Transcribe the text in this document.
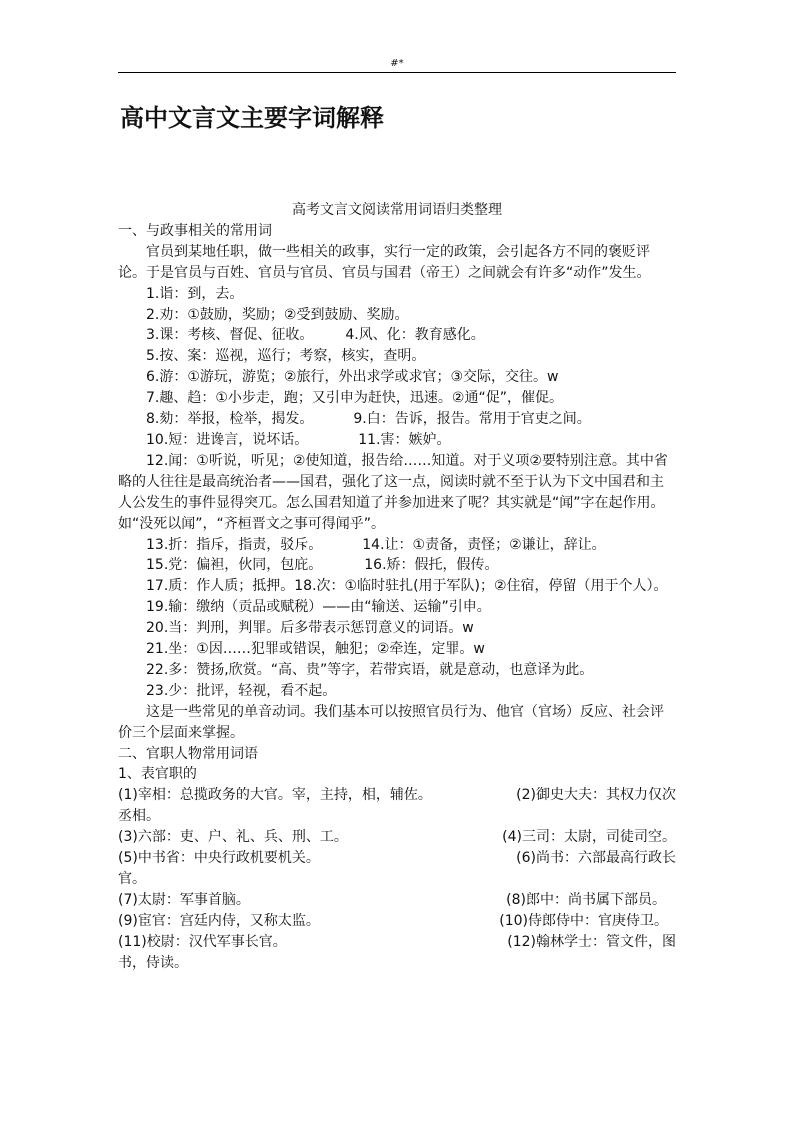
#*
高中文言文主要字词解释

高考文言文阅读常用词语归类整理

一、与政事相关的常用词

官员到某地任职，做一些相关的政事，实行一定的政策，会引起各方不同的褒贬评论。于是官员与百姓、官员与官员、官员与国君（帝王）之间就会有许多“动作”发生。

1.诣：到，去。

2.劝：①鼓励，奖励；②受到鼓励、奖励。

3.课：考核、督促、征收。 4.风、化：教育感化。

5.按、案：巡视，巡行；考察，核实，查明。

6.游：①游玩，游览；②旅行，外出求学或求官；③交际，交往。w

7.趣、趋：①小步走，跑；又引申为赶快，迅速。②通“促”，催促。

8.劾：举报，检举，揭发。	9.白：告诉，报告。常用于官吏之间。

10.短：进谗言，说坏话。	11.害：嫉妒。

12.闻：①听说，听见；②使知道，报告给……知道。对于义项②要特别注意。其中省略的人往往是最高统治者——国君，强化了这一点，阅读时就不至于认为下文中国君和主人公发生的事件显得突兀。怎么国君知道了并参加进来了呢？其实就是“闻”字在起作用。如“没死以闻”，“齐桓晋文之事可得闻乎”。

13.折：指斥，指责，驳斥。	14.让：①责备，责怪；②谦让，辞让。

15.党：偏袒，伙同，包庇。	16.矫：假托，假传。

17.质：作人质；抵押。18.次：①临时驻扎(用于军队)；②住宿，停留（用于个人）。

19.输：缴纳（贡品或赋税）——由“输送、运输”引申。

20.当：判刑，判罪。后多带表示惩罚意义的词语。w

21.坐：①因……犯罪或错误，触犯；②牵连，定罪。w

22.多：赞扬,欣赏。“高、贵”等字，若带宾语，就是意动，也意译为此。

23.少：批评，轻视，看不起。

这是一些常见的单音动词。我们基本可以按照官员行为、他官（官场）反应、社会评价三个层面来掌握。

二、官职人物常用词语

1、表官职的

(1)宰相：总揽政务的大官。宰，主持，相，辅佐。	(2)御史大夫：其权力仅次

丞相。

(3)六部：吏、户、礼、兵、刑、工。	(4)三司：太尉，司徒司空。
(5)中书省：中央行政机要机关。	(6)尚书：六部最高行政长

官。

(7)太尉：军事首脑。	(8)郎中：尚书属下部员。
(9)宦官：宫廷内侍，又称太监。	(10)侍郎侍中：官庚侍卫。
(11)校尉：汉代军事长官。	(12)翰林学士：管文件，图

书，侍读。
